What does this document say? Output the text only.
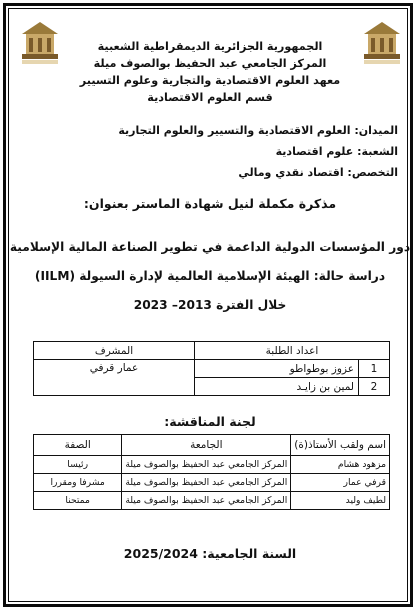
الجمهورية الجزائرية الديمقراطية الشعبية
المركز الجامعي عبد الحفيظ بوالصوف ميلة
معهد العلوم الاقتصادية والتجارية وعلوم التسيير
قسم العلوم الاقتصادية
الميدان: العلوم الاقتصادية والتسيير والعلوم التجارية
الشعبة: علوم اقتصادية
التخصص: اقتصاد نقدي ومالي
مذكرة مكملة لنيل شهادة الماستر بعنوان:
دور المؤسسات الدولية الداعمة في تطوير الصناعة المالية الإسلامية
دراسة حالة: الهيئة الإسلامية العالمية لإدارة السيولة (IILM)
خلال الفترة 2013– 2023
اعداد الطلبة		المشرف
1	عزوز بوطواطو	عمار قرفي
2	لمين بن زايـد	
لجنة المناقشة:
اسم ولقب الأستاذ(ة)	الجامعة	الصفة
مزهود هشام	المركز الجامعي عبد الحفيظ بوالصوف ميلة	رئيسا
قرفي عمار	المركز الجامعي عبد الحفيظ بوالصوف ميلة	مشرفا ومقررا
لطيف وليد	المركز الجامعي عبد الحفيظ بوالصوف ميلة	ممتحنا
السنة الجامعية: 2025/2024
